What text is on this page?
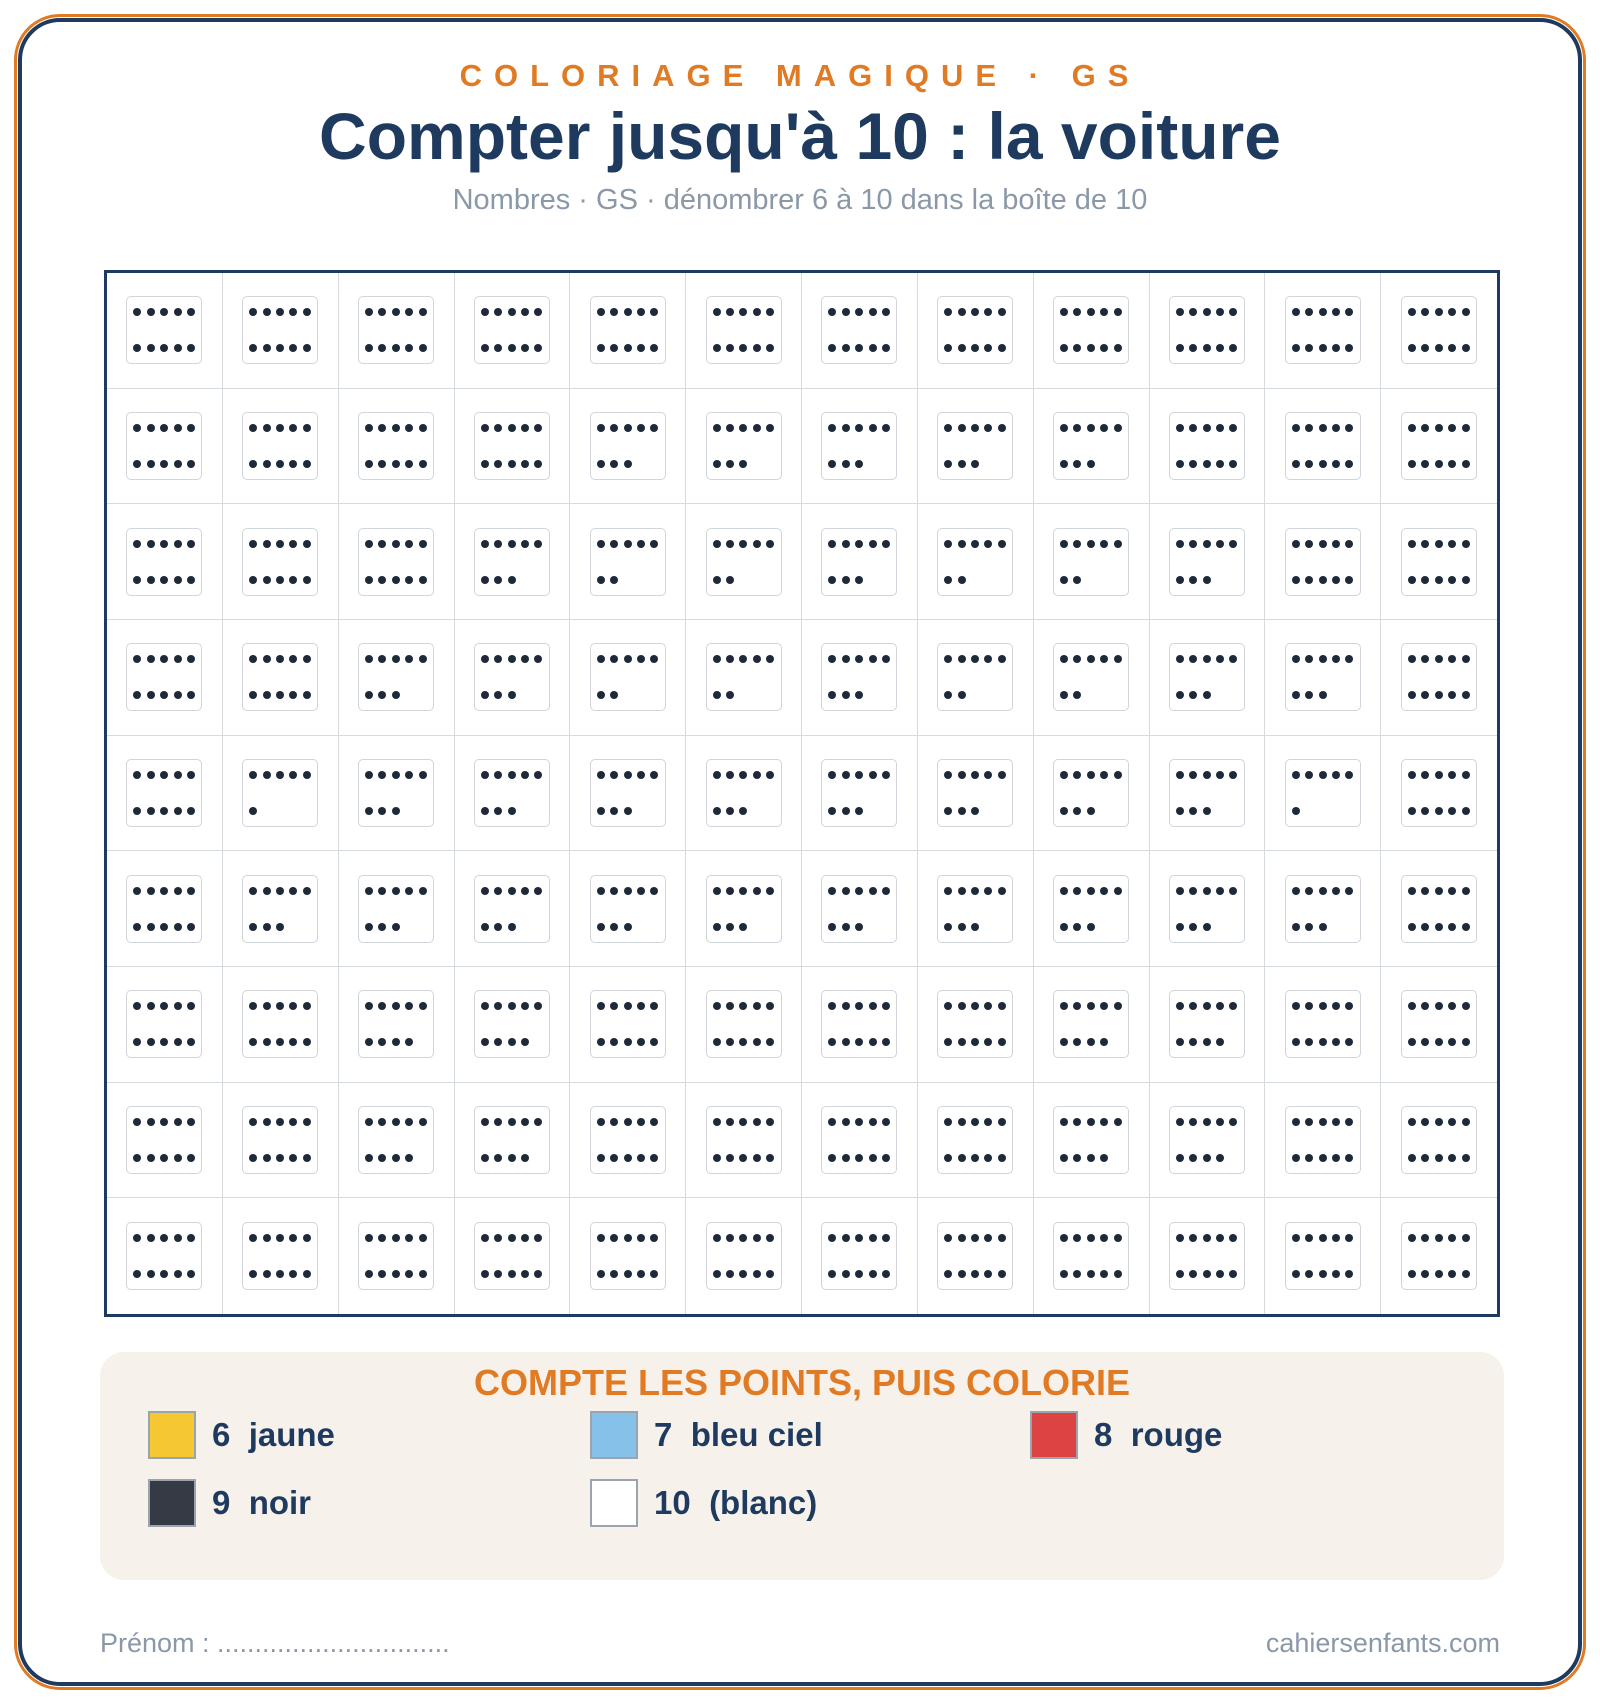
COLORIAGE MAGIQUE · GS
Compter jusqu'à 10 : la voiture
Nombres · GS · dénombrer 6 à 10 dans la boîte de 10
COMPTE LES POINTS, PUIS COLORIE
6
jaune	7
bleu ciel	8
rouge
9
noir	10
(blanc)
Prénom : ...............................	cahiersenfants.com
